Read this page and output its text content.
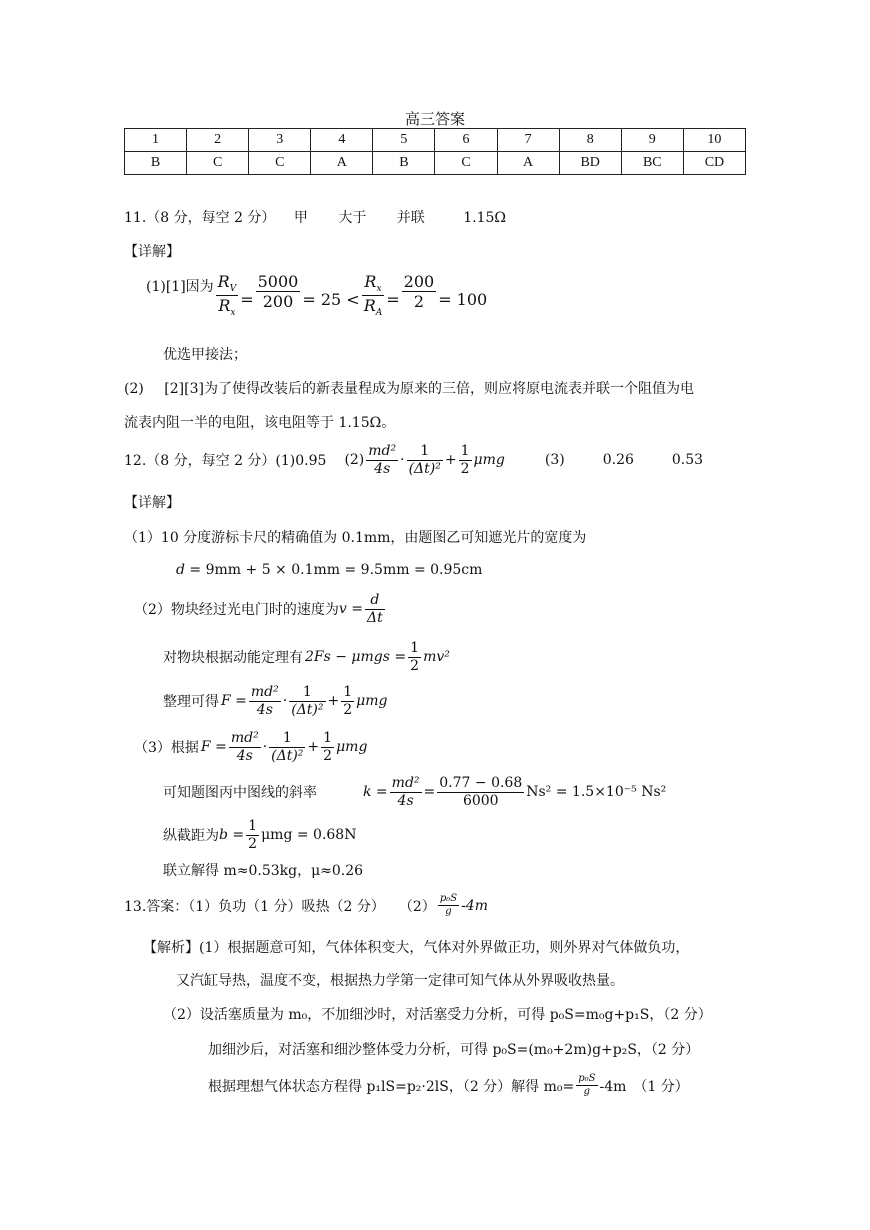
高三答案
1	2	3	4	5	6	7	8	9	10
B	C	C	A	B	C	A	BD	BC	CD
11.（8 分，每空 2 分） 甲 大于 并联	1.15Ω
【详解】
(1)[1]因为 $\frac{R_V}{R_x} = \frac{5000}{200} = 25 < \frac{R_x}{R_A} = \frac{200}{2} = 100$
优选甲接法；
(2) [2][3]为了使得改装后的新表量程成为原来的三倍，则应将原电流表并联一个阻值为电
流表内阻一半的电阻，该电阻等于 1.15Ω。
12.（8 分，每空 2 分）(1)0.95 $(2) \frac{\text{md²}}{4s} \cdot \frac{1}{\text{(Δt)²}} + \frac{1}{2}$ μmg	(3)	0.26	0.53
【详解】
（1）10 分度游标卡尺的精确值为 0.1mm，由题图乙可知遮光片的宽度为
d = 9mm + 5 × 0.1mm = 9.5mm = 0.95cm
（2）物块经过光电门时的速度为 $v = \frac{d}{\Delta t}$
对物块根据动能定理有 $2Fs - \mu mgs = \frac{1}{2} mv^2$
整理可得 $F = \frac{\text{md²}}{4s} \cdot \frac{1}{\text{(Δt)²}} + \frac{1}{2}$ μmg
（3）根据 $F = \frac{\text{md²}}{4s} \cdot \frac{1}{\text{(Δt)²}} + \frac{1}{2}$ μmg
可知题图丙中图线的斜率	$k = \frac{\text{md²}}{4s} = \frac{0.77 - 0.68}{6000} Ns^2 = 1.5\times 10^{-5}$ Ns²
纵截距为 $b = \frac{1}{2}$ μmg = 0.68N
联立解得 m≈0.53kg，μ≈0.26
13.答案：（1）负功（1 分）吸热（2 分） $(2) \frac{\text{p₀S}}{g} -4m$
【解析】(1）根据题意可知，气体体积变大，气体对外界做正功，则外界对气体做负功，
又汽缸导热，温度不变，根据热力学第一定律可知气体从外界吸收热量。
（2）设活塞质量为 m₀，不加细沙时，对活塞受力分析，可得 p₀S=m₀g+p₁S，（2 分）
加细沙后，对活塞和细沙整体受力分析，可得 p₀S=(m₀+2m)g+p₂S，（2 分）
根据理想气体状态方程得 p₁lS=p₂·2lS，（2 分）解得 $m_0= \frac{\text{p₀S}}{g} -4m$　（1 分）
